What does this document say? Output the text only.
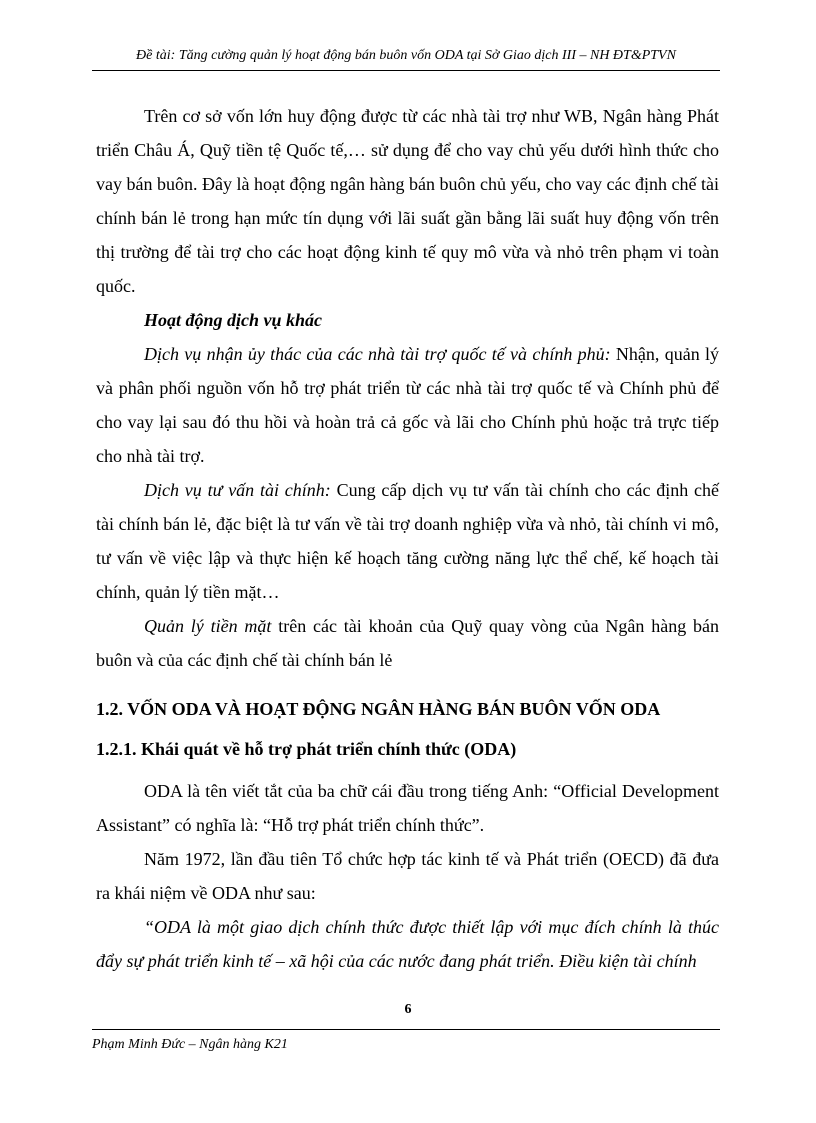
Đề tài: Tăng cường quản lý hoạt động bán buôn vốn ODA tại Sở Giao dịch III – NH ĐT&PTVN

Trên cơ sở vốn lớn huy động được từ các nhà tài trợ như WB, Ngân hàng Phát triển Châu Á, Quỹ tiền tệ Quốc tế,… sử dụng để cho vay chủ yếu dưới hình thức cho vay bán buôn. Đây là hoạt động ngân hàng bán buôn chủ yếu, cho vay các định chế tài chính bán lẻ trong hạn mức tín dụng với lãi suất gần bằng lãi suất huy động vốn trên thị trường để tài trợ cho các hoạt động kinh tế quy mô vừa và nhỏ trên phạm vi toàn quốc.

Hoạt động dịch vụ khác

Dịch vụ nhận ủy thác của các nhà tài trợ quốc tế và chính phủ: Nhận, quản lý và phân phối nguồn vốn hỗ trợ phát triển từ các nhà tài trợ quốc tế và Chính phủ để cho vay lại sau đó thu hồi và hoàn trả cả gốc và lãi cho Chính phủ hoặc trả trực tiếp cho nhà tài trợ.

Dịch vụ tư vấn tài chính: Cung cấp dịch vụ tư vấn tài chính cho các định chế tài chính bán lẻ, đặc biệt là tư vấn về tài trợ doanh nghiệp vừa và nhỏ, tài chính vi mô, tư vấn về việc lập và thực hiện kế hoạch tăng cường năng lực thể chế, kế hoạch tài chính, quản lý tiền mặt…

Quản lý tiền mặt trên các tài khoản của Quỹ quay vòng của Ngân hàng bán buôn và của các định chế tài chính bán lẻ

1.2. VỐN ODA VÀ HOẠT ĐỘNG NGÂN HÀNG BÁN BUÔN VỐN ODA

1.2.1. Khái quát về hỗ trợ phát triển chính thức (ODA)

ODA là tên viết tắt của ba chữ cái đầu trong tiếng Anh: “Official Development Assistant” có nghĩa là: “Hỗ trợ phát triển chính thức”.

Năm 1972, lần đầu tiên Tổ chức hợp tác kinh tế và Phát triển (OECD) đã đưa ra khái niệm về ODA như sau:

“ODA là một giao dịch chính thức được thiết lập với mục đích chính là thúc đẩy sự phát triển kinh tế – xã hội của các nước đang phát triển. Điều kiện tài chính

6
Phạm Minh Đức – Ngân hàng K21
